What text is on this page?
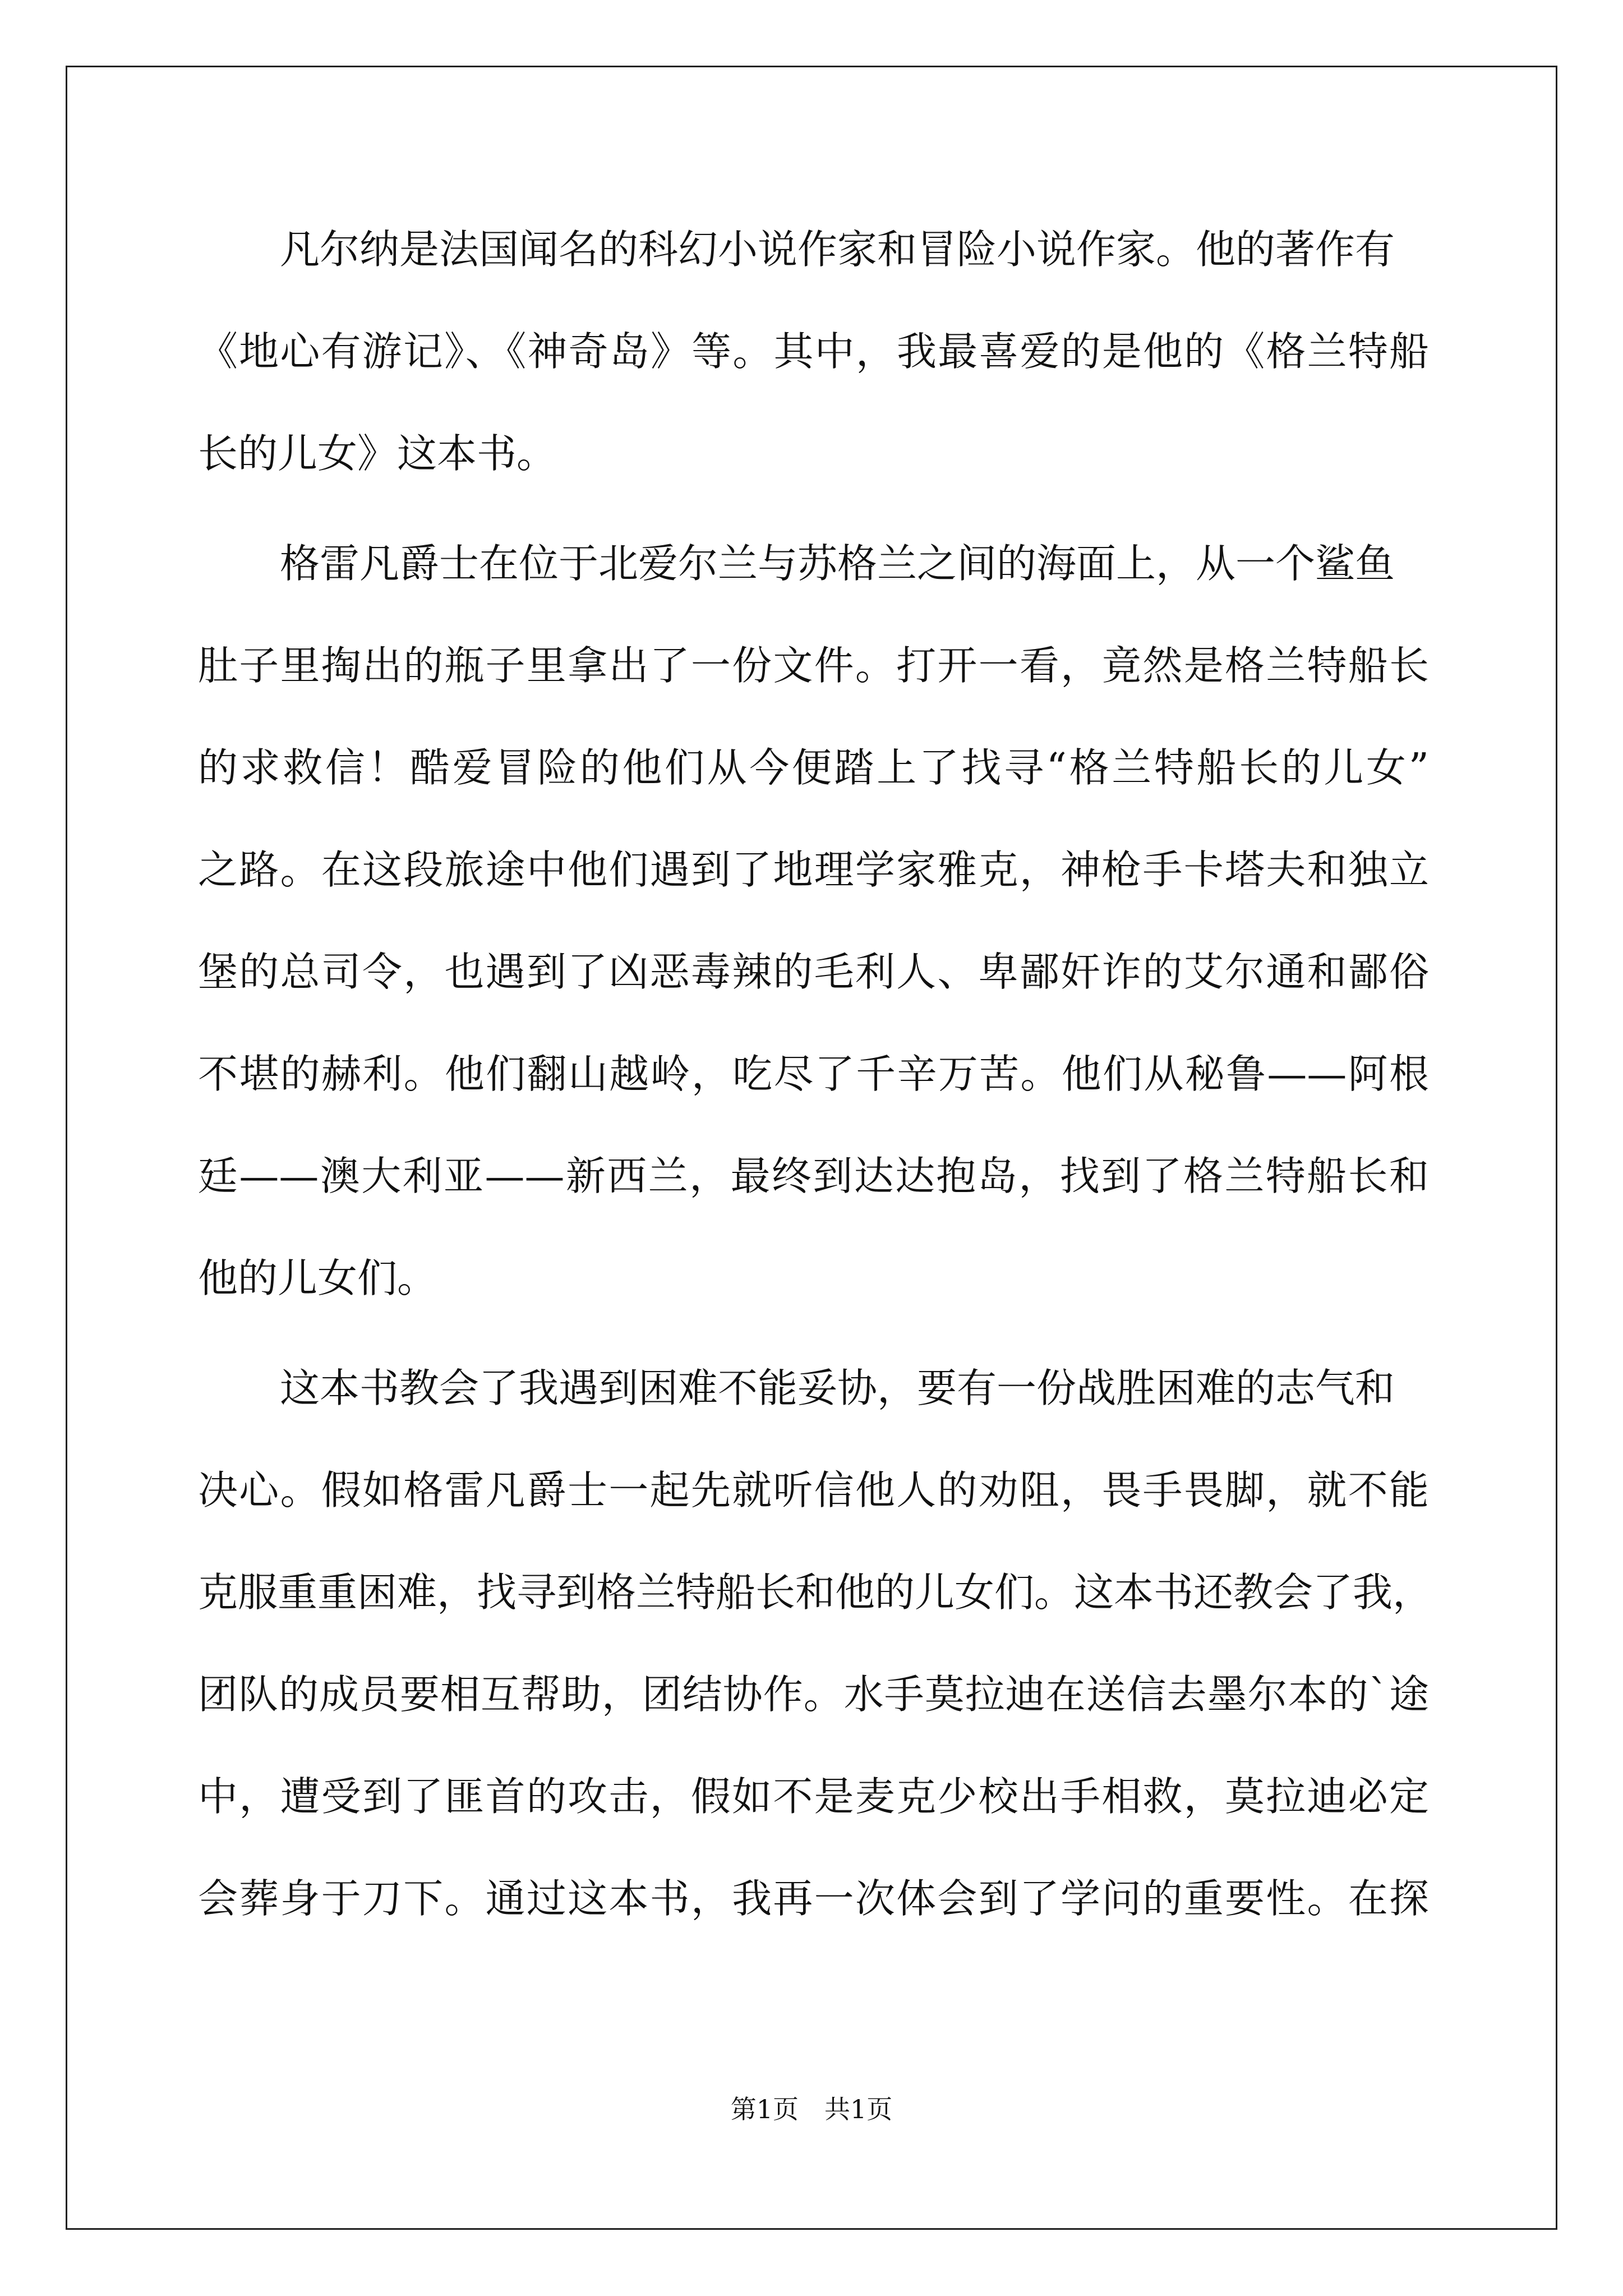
凡尔纳是法国闻名的科幻小说作家和冒险小说作家。他的著作有
《地心有游记》、《神奇岛》等。其中，我最喜爱的是他的《格兰特船
长的儿女》这本书。
格雷凡爵士在位于北爱尔兰与苏格兰之间的海面上，从一个鲨鱼
肚子里掏出的瓶子里拿出了一份文件。打开一看，竟然是格兰特船长
的求救信！酷爱冒险的他们从今便踏上了找寻“格兰特船长的儿女”
之路。在这段旅途中他们遇到了地理学家雅克，神枪手卡塔夫和独立
堡的总司令，也遇到了凶恶毒辣的毛利人、卑鄙奸诈的艾尔通和鄙俗
不堪的赫利。他们翻山越岭，吃尽了千辛万苦。他们从秘鲁——阿根
廷——澳大利亚——新西兰，最终到达达抱岛，找到了格兰特船长和
他的儿女们。
这本书教会了我遇到困难不能妥协，要有一份战胜困难的志气和
决心。假如格雷凡爵士一起先就听信他人的劝阻，畏手畏脚，就不能
克服重重困难，找寻到格兰特船长和他的儿女们。这本书还教会了我，
团队的成员要相互帮助，团结协作。水手莫拉迪在送信去墨尔本的`途
中，遭受到了匪首的攻击，假如不是麦克少校出手相救，莫拉迪必定
会葬身于刀下。通过这本书，我再一次体会到了学问的重要性。在探
第1页 共1页
